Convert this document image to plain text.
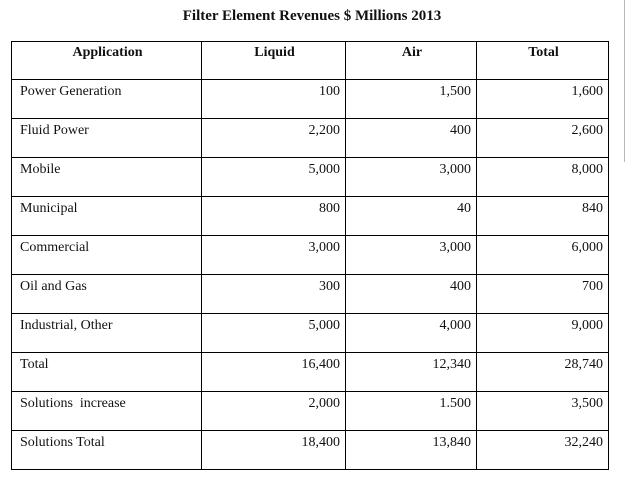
Filter Element Revenues $ Millions 2013
Application	Liquid	Air	Total
Power Generation	100	1,500	1,600
Fluid Power	2,200	400	2,600
Mobile	5,000	3,000	8,000
Municipal	800	40	840
Commercial	3,000	3,000	6,000
Oil and Gas	300	400	700
Industrial, Other	5,000	4,000	9,000
Total	16,400	12,340	28,740
Solutions  increase	2,000	1.500	3,500
Solutions Total	18,400	13,840	32,240
